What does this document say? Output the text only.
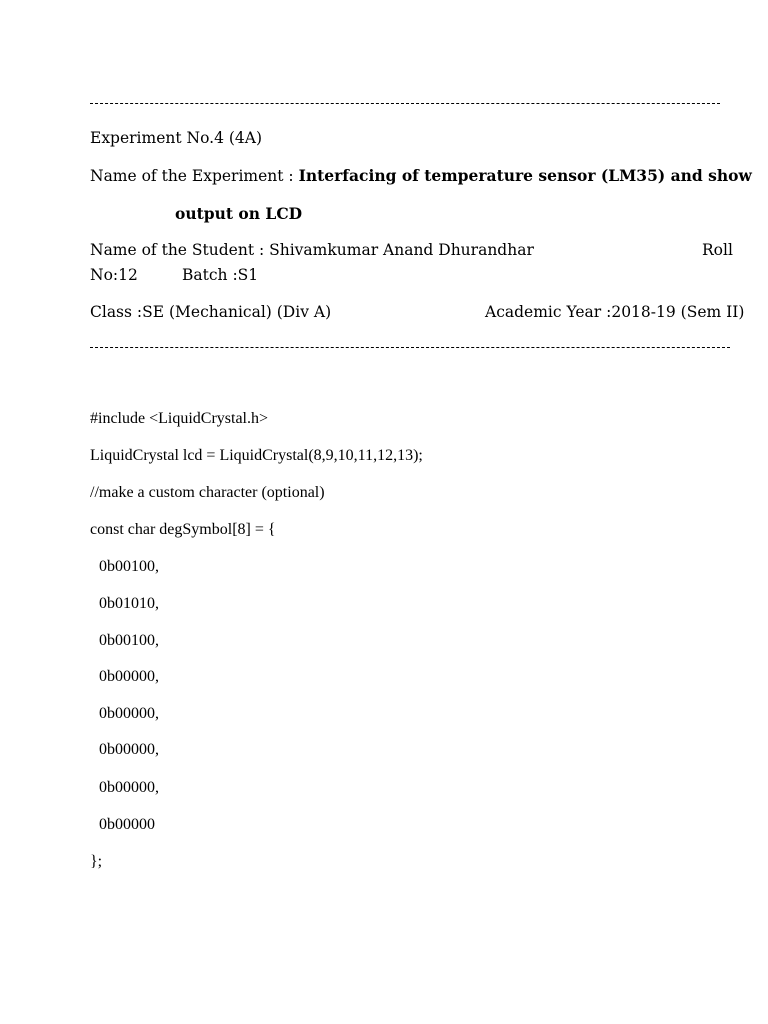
Experiment No.4 (4A)
Name of the Experiment : Interfacing of temperature sensor (LM35) and show
output on LCD
Name of the Student : Shivamkumar Anand Dhurandhar	Roll
No:12	Batch :S1
Class :SE (Mechanical) (Div A)	Academic Year :2018-19 (Sem II)
#include <LiquidCrystal.h>
LiquidCrystal lcd = LiquidCrystal(8,9,10,11,12,13);
//make a custom character (optional)
const char degSymbol[8] = {
0b00100,
0b01010,
0b00100,
0b00000,
0b00000,
0b00000,
0b00000,
0b00000
};
